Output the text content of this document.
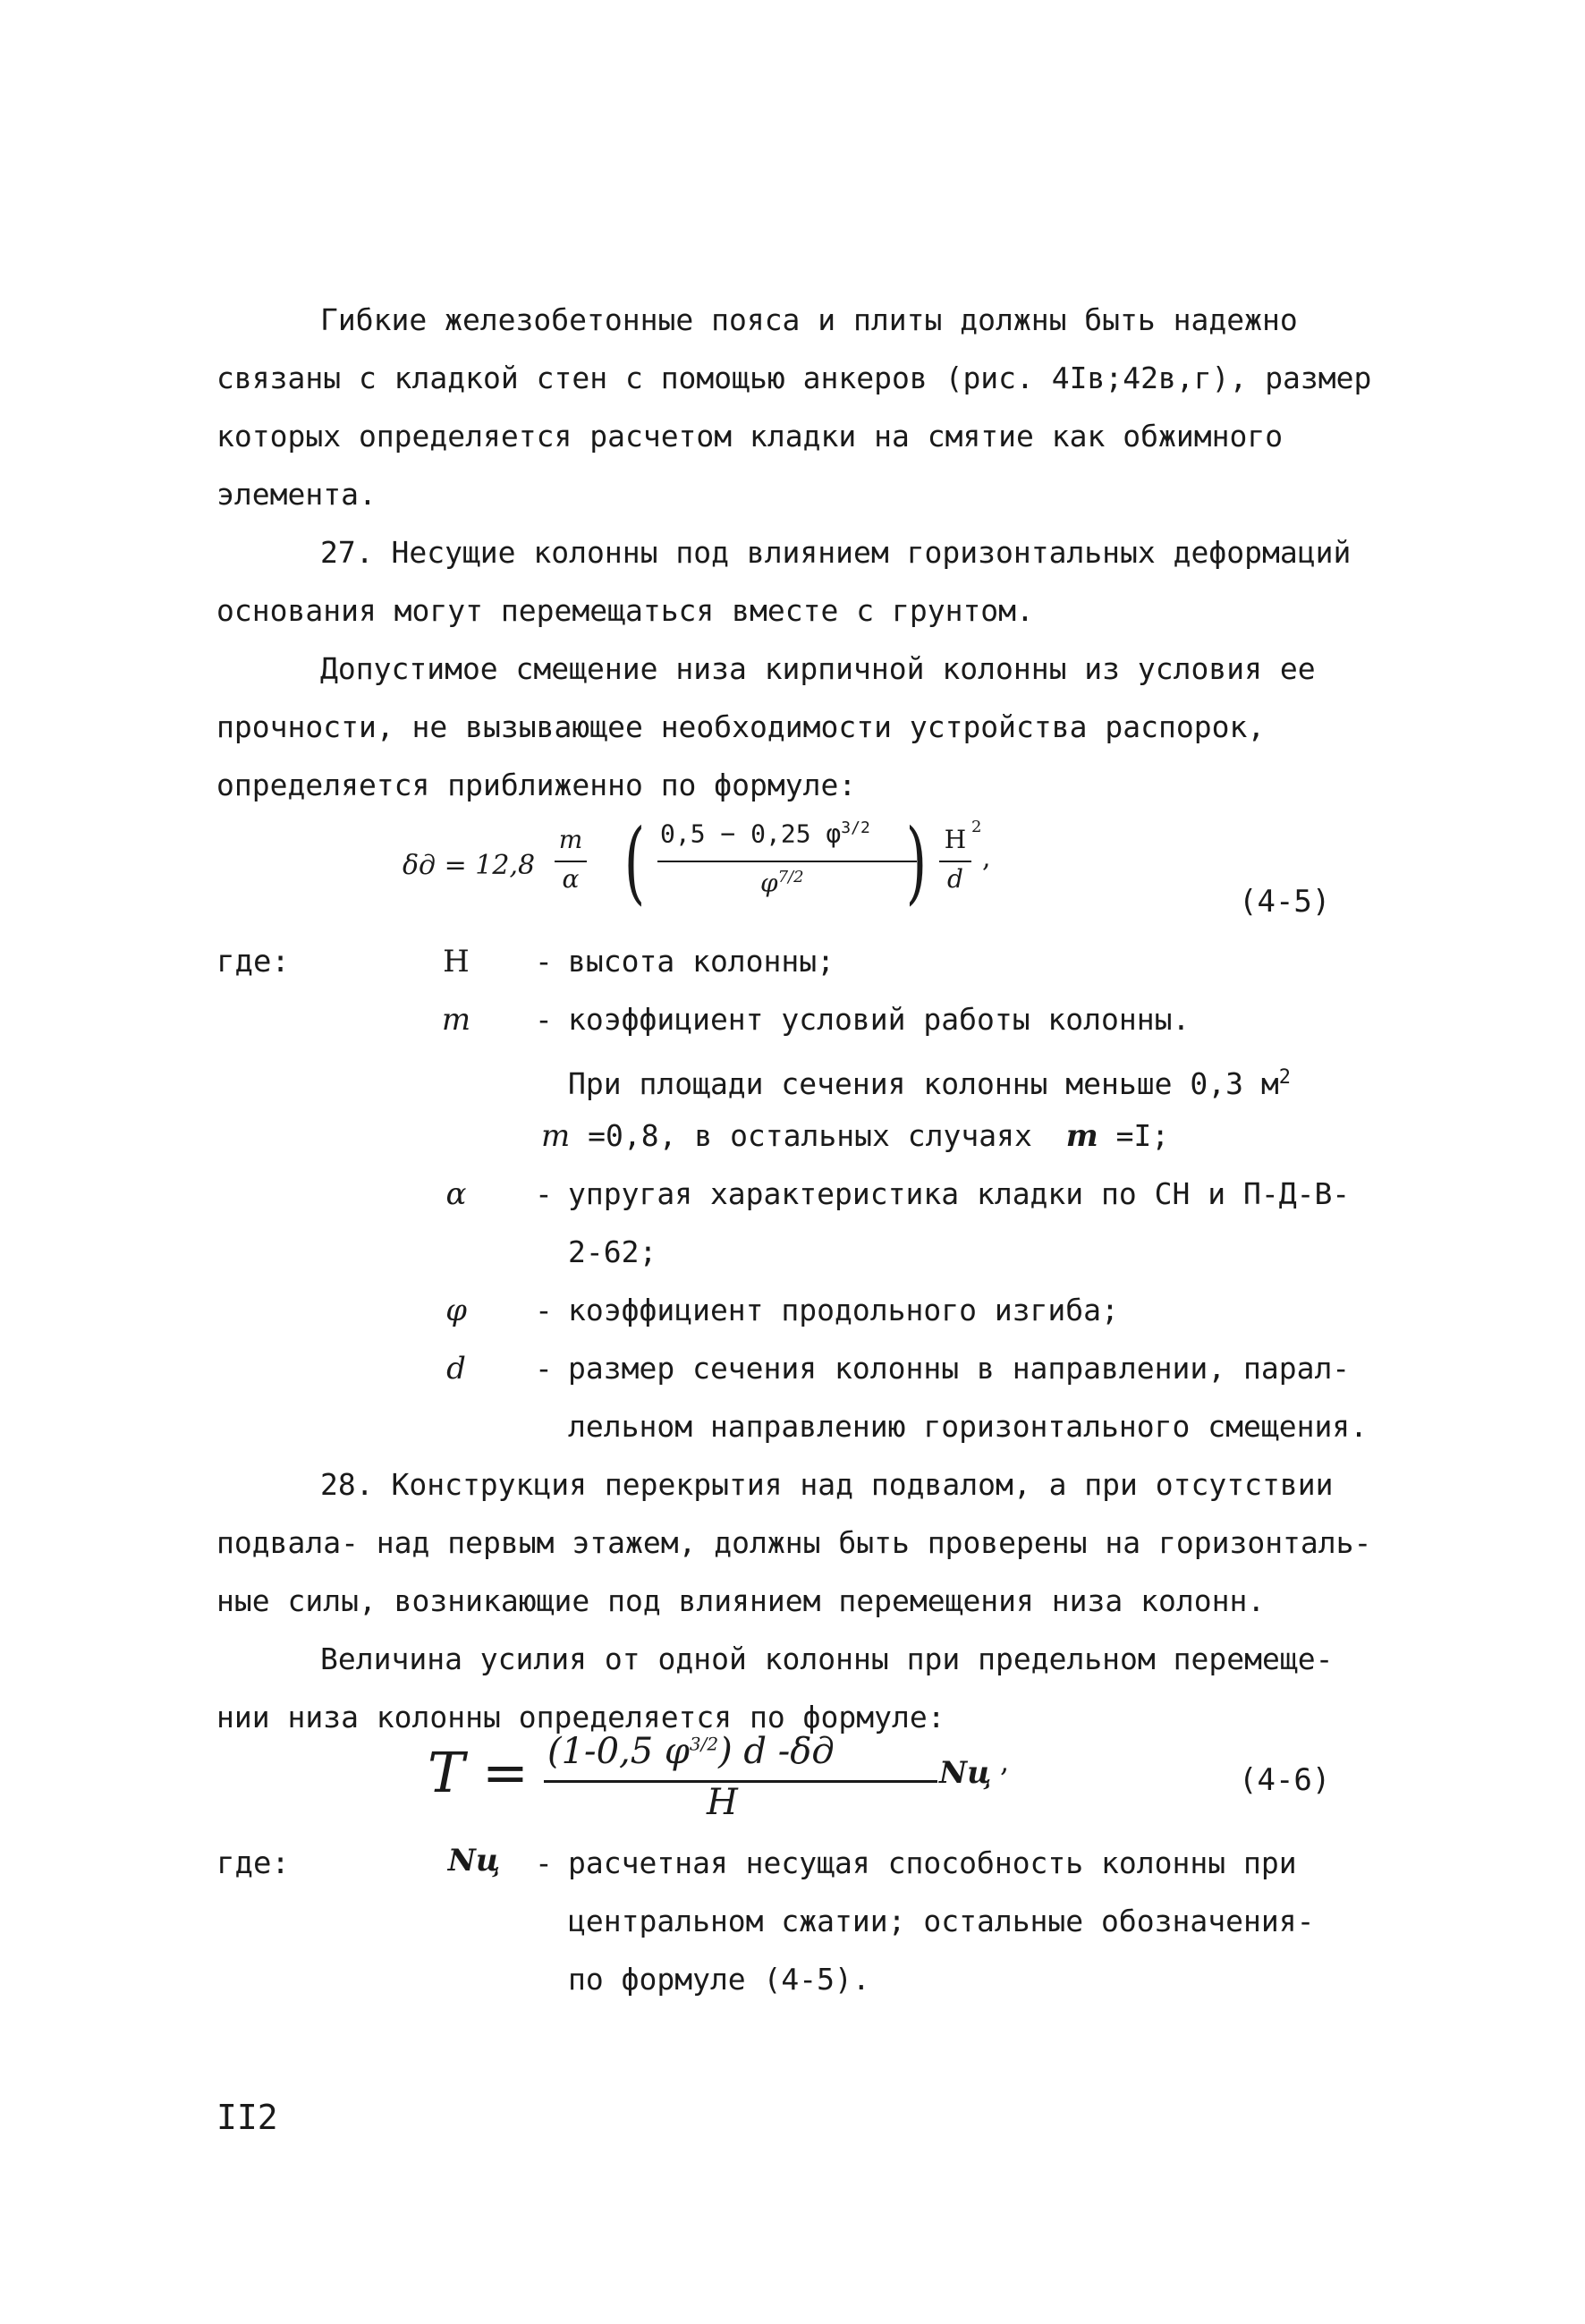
Гибкие железобетонные пояса и плиты должны быть надежно
связаны с кладкой стен с помощью анкеров (рис. 4Iв;42в,г), размер
которых определяется расчетом кладки на смятие как обжимного
элемента.
27. Несущие колонны под влиянием горизонтальных деформаций
основания могут перемещаться вместе с грунтом.
Допустимое смещение низа кирпичной колонны из условия ее
прочности, не вызывающее необходимости устройства распорок,
определяется приближенно по формуле:
δд = 12,8
m
α ( 0,5 − 0,25 $\varphi^{3/2}$
$\varphi^{7/2}$ ) H 2
d
,
(4-5)
где:	H	- высота колонны;
m	- коэффициент условий работы колонны.
При площади сечения колонны меньше 0,3 $м^2$
m =0,8, в остальных случаях m =I;
α	- упругая характеристика кладки по СН и П-Д-В-
2-62;
φ	- коэффициент продольного изгиба;
d	- размер сечения колонны в направлении, парал-
лельном направлению горизонтального смещения.
28. Конструкция перекрытия над подвалом, а при отсутствии
подвала- над первым этажем, должны быть проверены на горизонталь-
ные силы, возникающие под влиянием перемещения низа колонн.
Величина усилия от одной колонны при предельном перемеще-
нии низа колонны определяется по формуле:
T = (1-0,5 $\varphi^{3/2}$) d -δд
H
Nц ,
(4-6)
где:	Nц - расчетная несущая способность колонны при
центральном сжатии; остальные обозначения-
по формуле (4-5).
II2
